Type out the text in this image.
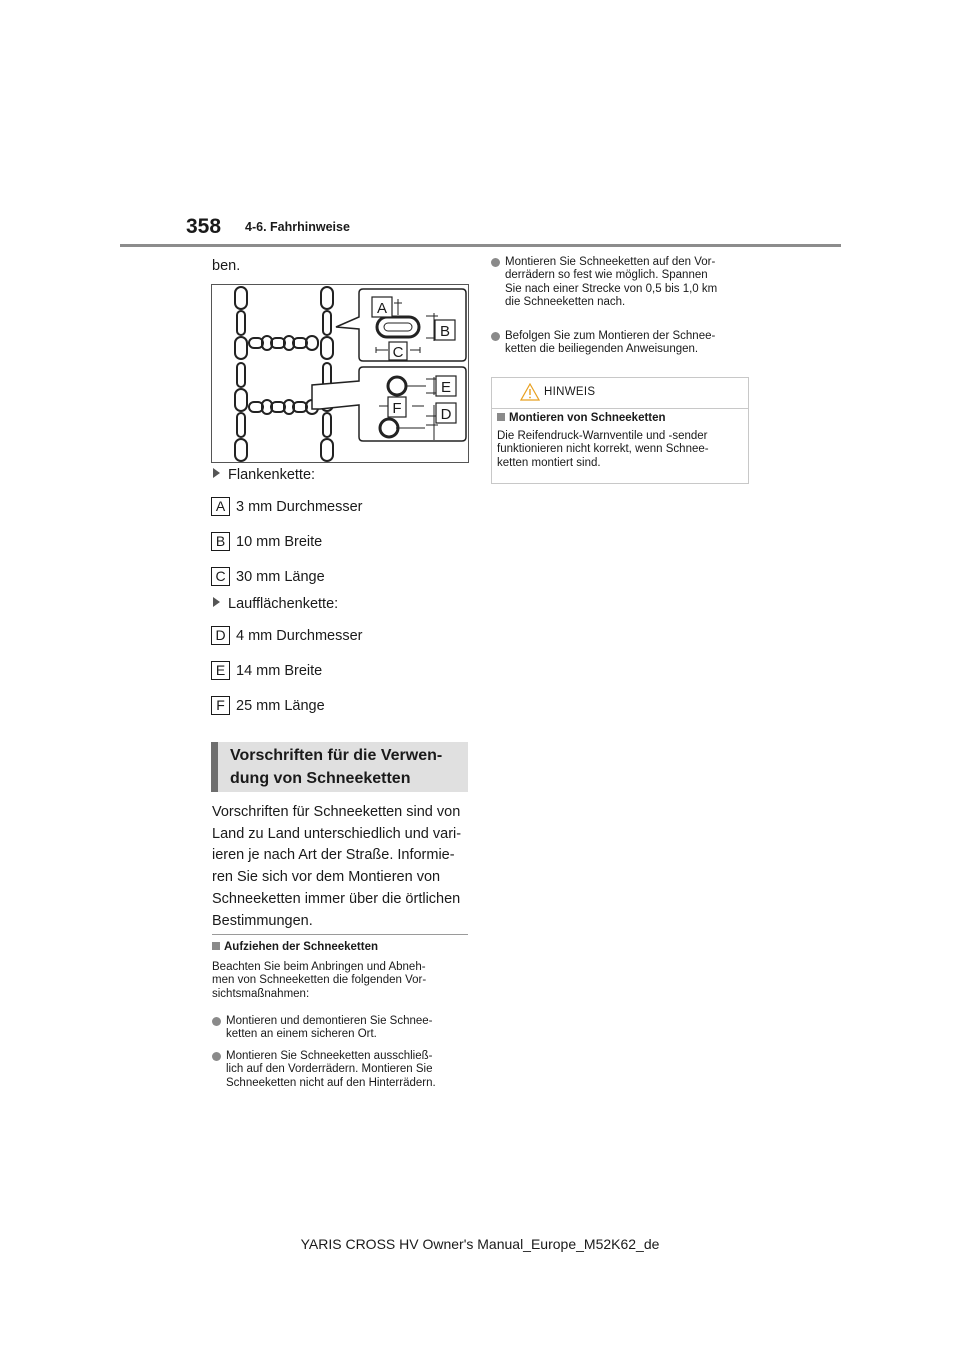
358 4-6. Fahrhinweise
ben.
A
B
C
E
F	D
Flankenkette:
A 3 mm Durchmesser
B 10 mm Breite
C 30 mm Länge
Laufflächenkette:
D 4 mm Durchmesser
E 14 mm Breite
F 25 mm Länge
Vorschriften für die Verwen-
dung von Schneeketten
Vorschriften für Schneeketten sind von
Land zu Land unterschiedlich und vari-
ieren je nach Art der Straße. Informie-
ren Sie sich vor dem Montieren von
Schneeketten immer über die örtlichen
Bestimmungen.
Aufziehen der Schneeketten
Beachten Sie beim Anbringen und Abneh-
men von Schneeketten die folgenden Vor-
sichtsmaßnahmen:
Montieren und demontieren Sie Schnee-
ketten an einem sicheren Ort.
Montieren Sie Schneeketten ausschließ-
lich auf den Vorderrädern. Montieren Sie
Schneeketten nicht auf den Hinterrädern.
Montieren Sie Schneeketten auf den Vor-
derrädern so fest wie möglich. Spannen
Sie nach einer Strecke von 0,5 bis 1,0 km
die Schneeketten nach.
Befolgen Sie zum Montieren der Schnee-
ketten die beiliegenden Anweisungen.
HINWEIS
Montieren von Schneeketten
Die Reifendruck-Warnventile und -sender
funktionieren nicht korrekt, wenn Schnee-
ketten montiert sind.
YARIS CROSS HV Owner's Manual_Europe_M52K62_de
